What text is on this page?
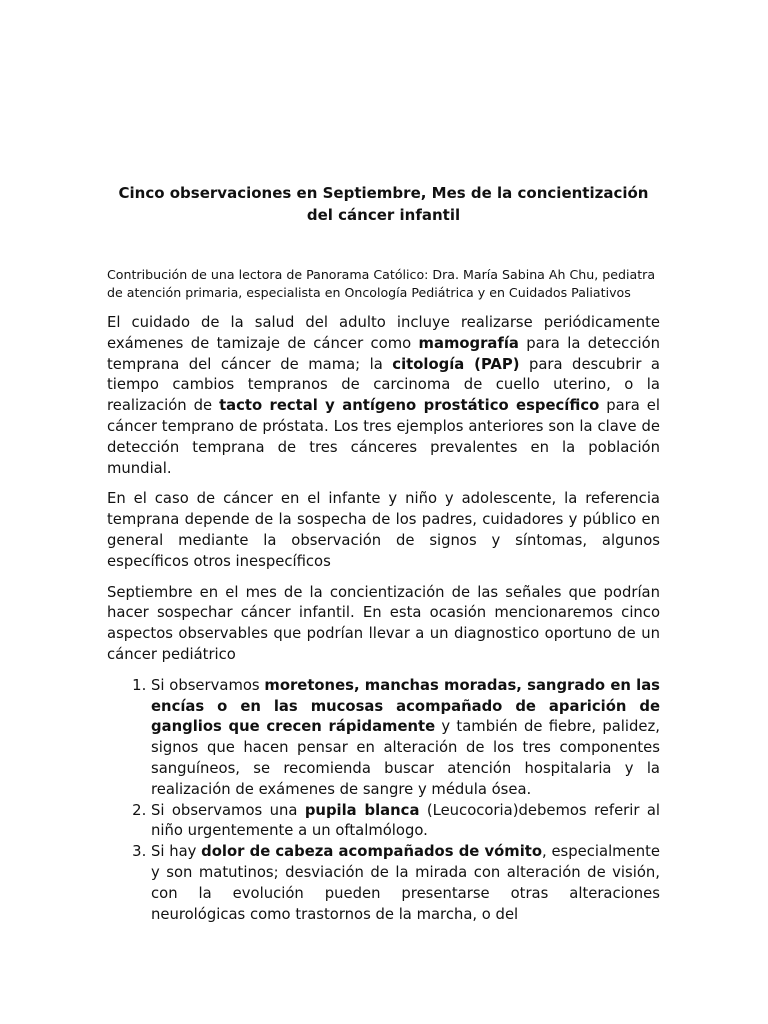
Cinco observaciones en Septiembre, Mes de la concientización del cáncer infantil

Contribución de una lectora de Panorama Católico: Dra. María Sabina Ah Chu, pediatra de atención primaria, especialista en Oncología Pediátrica y en Cuidados Paliativos

El cuidado de la salud del adulto incluye realizarse periódicamente exámenes de tamizaje de cáncer como mamografía para la detección temprana del cáncer de mama; la citología (PAP) para descubrir a tiempo cambios tempranos de carcinoma de cuello uterino, o la realización de tacto rectal y antígeno prostático específico para el cáncer temprano de próstata. Los tres ejemplos anteriores son la clave de detección temprana de tres cánceres prevalentes en la población mundial.

En el caso de cáncer en el infante y niño y adolescente, la referencia temprana depende de la sospecha de los padres, cuidadores y público en general mediante la observación de signos y síntomas, algunos específicos otros inespecíficos

Septiembre en el mes de la concientización de las señales que podrían hacer sospechar cáncer infantil. En esta ocasión mencionaremos cinco aspectos observables que podrían llevar a un diagnostico oportuno de un cáncer pediátrico

1. Si observamos moretones, manchas moradas, sangrado en las encías o en las mucosas acompañado de aparición de ganglios que crecen rápidamente y también de fiebre, palidez, signos que hacen pensar en alteración de los tres componentes sanguíneos, se recomienda buscar atención hospitalaria y la realización de exámenes de sangre y médula ósea.
2. Si observamos una pupila blanca (Leucocoria)debemos referir al niño urgentemente a un oftalmólogo.
3. Si hay dolor de cabeza acompañados de vómito, especialmente y son matutinos; desviación de la mirada con alteración de visión, con la evolución pueden presentarse otras alteraciones neurológicas como trastornos de la marcha, o del
